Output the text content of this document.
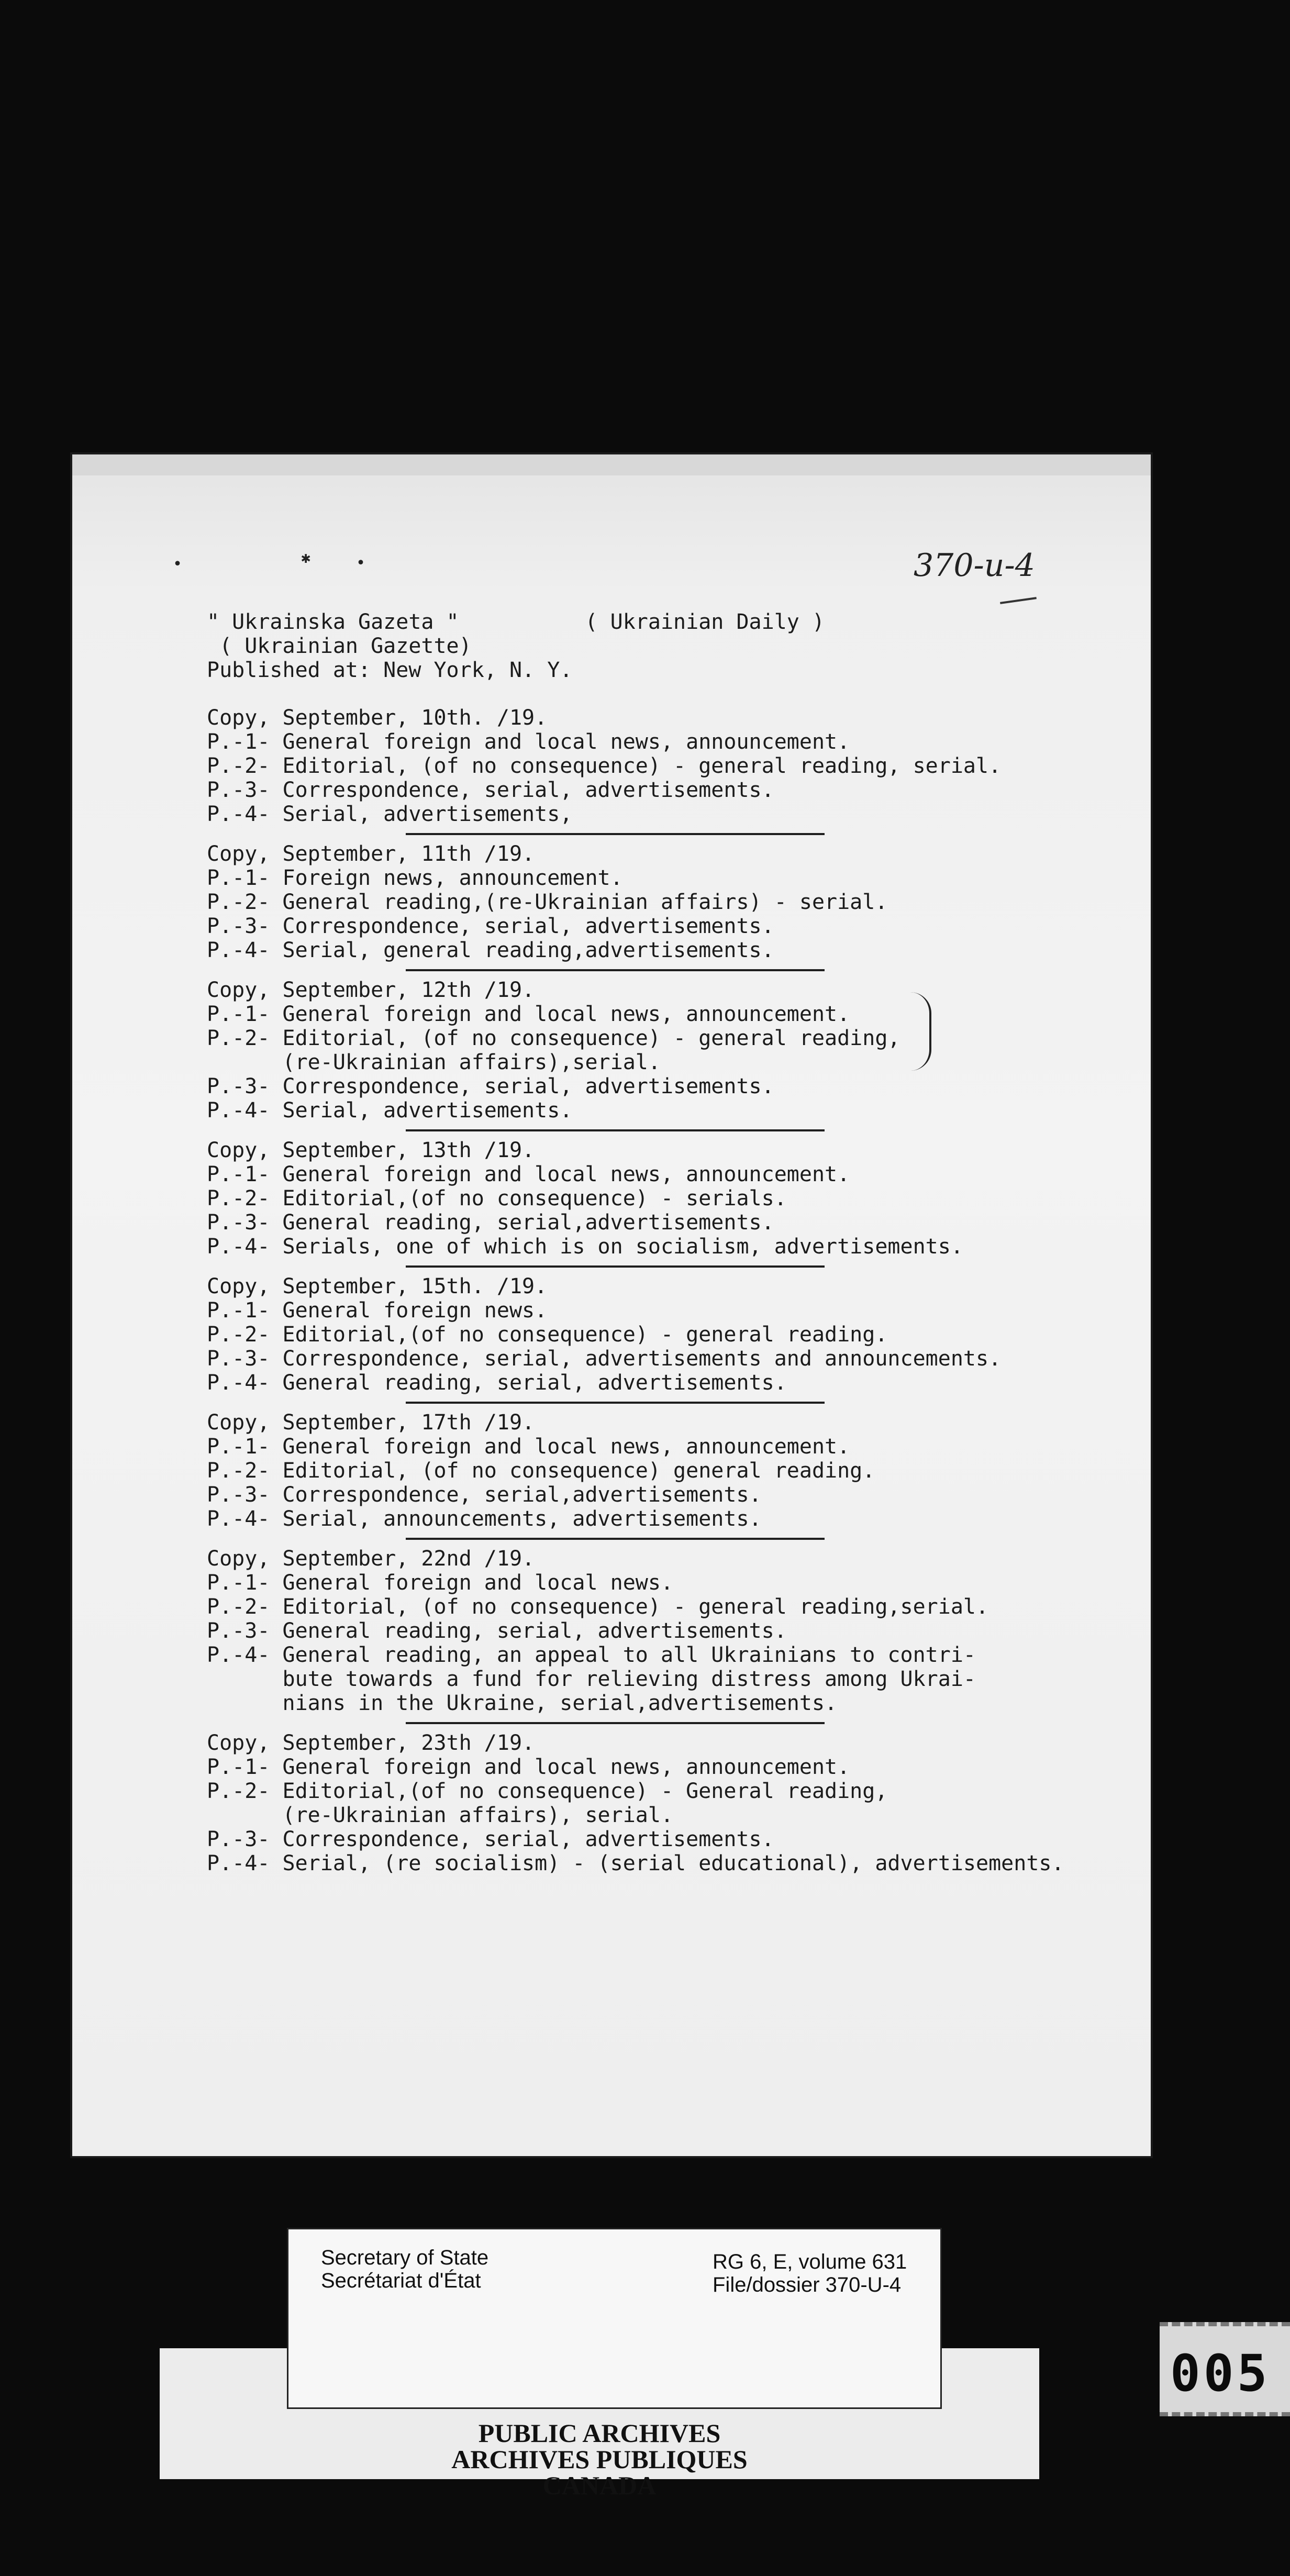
•	✱	•	370-u-4
" Ukrainska Gazeta "          ( Ukrainian Daily )
( Ukrainian Gazette)
Published at: New York, N. Y.
Copy, September, 10th. /19.
P.-1- General foreign and local news, announcement.
P.-2- Editorial, (of no consequence) - general reading, serial.
P.-3- Correspondence, serial, advertisements.
P.-4- Serial, advertisements,
Copy, September, 11th /19.
P.-1- Foreign news, announcement.
P.-2- General reading,(re-Ukrainian affairs) - serial.
P.-3- Correspondence, serial, advertisements.
P.-4- Serial, general reading,advertisements.
Copy, September, 12th /19.
P.-1- General foreign and local news, announcement.
P.-2- Editorial, (of no consequence) - general reading,
(re-Ukrainian affairs),serial.
P.-3- Correspondence, serial, advertisements.
P.-4- Serial, advertisements.
Copy, September, 13th /19.
P.-1- General foreign and local news, announcement.
P.-2- Editorial,(of no consequence) - serials.
P.-3- General reading, serial,advertisements.
P.-4- Serials, one of which is on socialism, advertisements.
Copy, September, 15th. /19.
P.-1- General foreign news.
P.-2- Editorial,(of no consequence) - general reading.
P.-3- Correspondence, serial, advertisements and announcements.
P.-4- General reading, serial, advertisements.
Copy, September, 17th /19.
P.-1- General foreign and local news, announcement.
P.-2- Editorial, (of no consequence) general reading.
P.-3- Correspondence, serial,advertisements.
P.-4- Serial, announcements, advertisements.
Copy, September, 22nd /19.
P.-1- General foreign and local news.
P.-2- Editorial, (of no consequence) - general reading,serial.
P.-3- General reading, serial, advertisements.
P.-4- General reading, an appeal to all Ukrainians to contri-
bute towards a fund for relieving distress among Ukrai-
nians in the Ukraine, serial,advertisements.
Copy, September, 23th /19.
P.-1- General foreign and local news, announcement.
P.-2- Editorial,(of no consequence) - General reading,
(re-Ukrainian affairs), serial.
P.-3- Correspondence, serial, advertisements.
P.-4- Serial, (re socialism) - (serial educational), advertisements.
PUBLIC ARCHIVES
ARCHIVES PUBLIQUES
CANADA
Secretary of State
Secrétariat d'État
RG 6, E, volume 631
File/dossier 370-U-4
005
